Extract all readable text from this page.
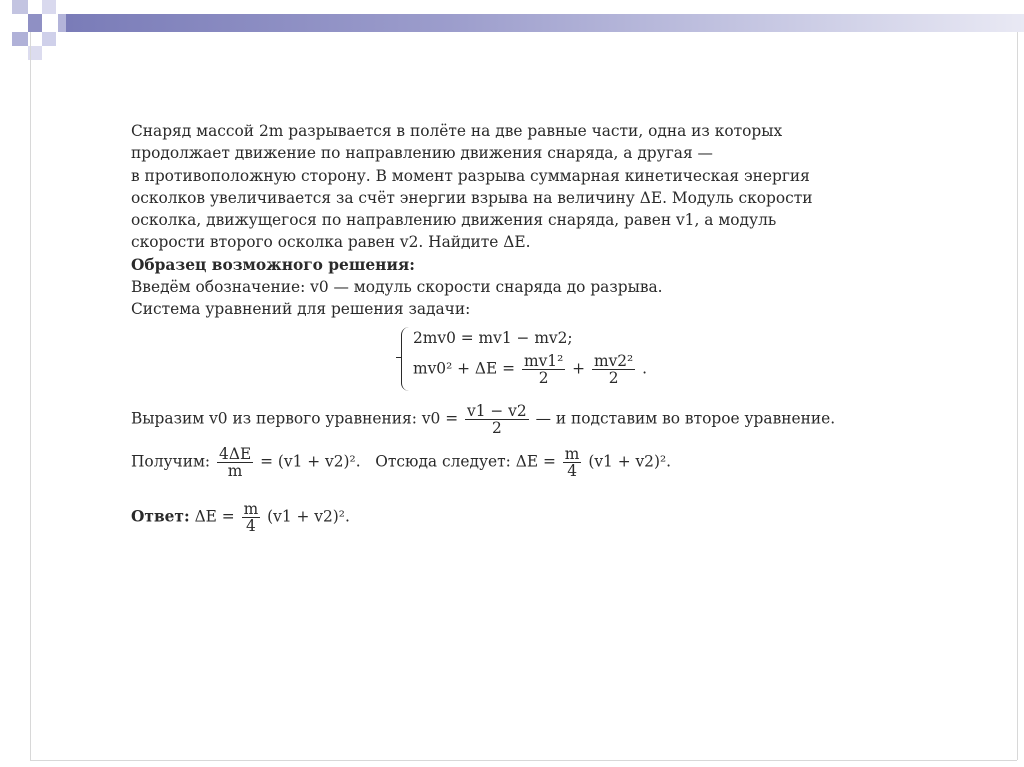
Снаряд массой 2m разрывается в полёте на две равные части, одна из которых

продолжает движение по направлению движения снаряда, а другая —

в противоположную сторону. В момент разрыва суммарная кинетическая энергия

осколков увеличивается за счёт энергии взрыва на величину ΔE. Модуль скорости

осколка, движущегося по направлению движения снаряда, равен v1, а модуль

скорости второго осколка равен v2. Найдите ΔE.

Образец возможного решения:

Введём обозначение: v0 — модуль скорости снаряда до разрыва.

Система уравнений для решения задачи:

2mv0 = mv1 − mv2;
$mv0^2 + \Delta E = \frac{\text{mv1²}}{2} + \frac{\text{mv2²}}{2}$ .
Выразим v0 из первого уравнения: $v0 = \frac{v1 - v2}{2}$ — и подставим во второе уравнение.
Получим: $\frac{4\Delta E}{m} = (v1 + v2)^2$. Отсюда следует: $\Delta E = \frac{m}{4} (v1 + v2)^2$.
Ответ: $\Delta E = \frac{m}{4} (v1 + v2)^2$.
